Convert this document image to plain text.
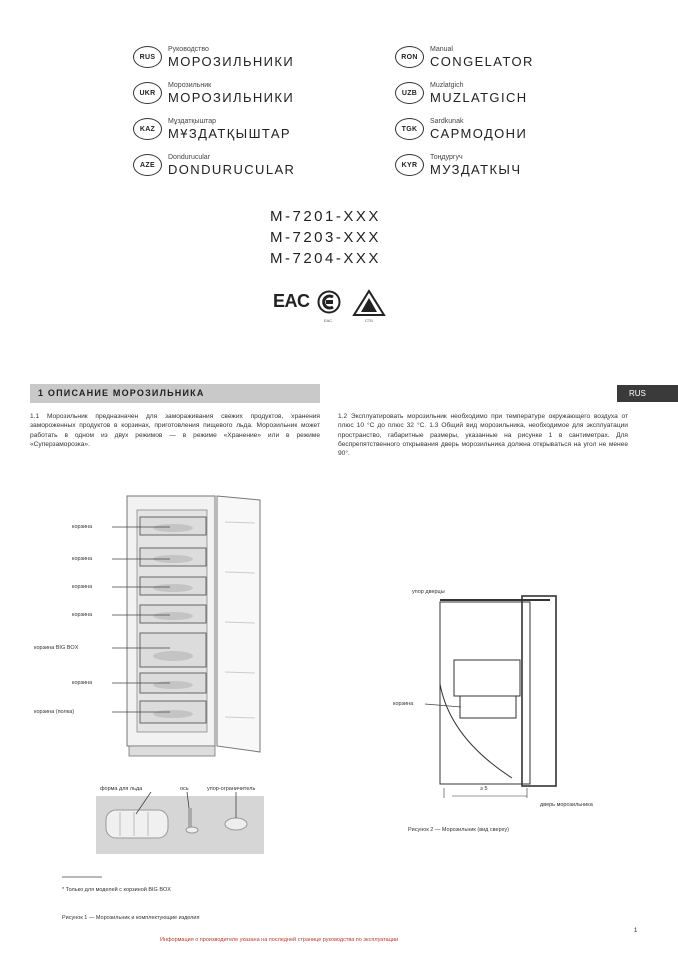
RUS
Руководство
МОРОЗИЛЬНИКИ
UKR
Морозильник
МОРОЗИЛЬНИКИ
KAZ
Мұздатқыштар
МҰЗДАТҚЫШТАР
AZE
Dondurucular
DONDURUCULAR
RON
Manual
CONGELATOR
UZB
Muzlatgich
MUZLATGICH
TGK
Sardkunak
САРМОДОНИ
KYR
Тоңдургуч
МУЗДАТКЫЧ
M-7201-XXX
M-7203-XXX
M-7204-XXX
EAC
ЕАС	СТБ
1 ОПИСАНИЕ МОРОЗИЛЬНИКА	RUS
1.1 Морозильник предназначен для замораживания свежих продуктов, хранения замороженных продуктов в корзинах, приготовления пищевого льда. Морозильник может работать в одном из двух режимов — в режиме «Хранение» или в режиме «Суперзаморозка».
1.2 Эксплуатировать морозильник необходимо при температуре окружающего воздуха от плюс 10 °С до плюс 32 °С. 1.3 Общий вид морозильника, необходимое для эксплуатации пространство, габаритные размеры, указанные на рисунке 1 в сантиметрах. Для беспрепятственного открывания дверь морозильника должна открываться на угол не менее 90°.
корзина
корзина
корзина
корзина
корзина BIG BOX
корзина
корзина (полка)
форма для льда	ось	упор-ограничитель
* Только для моделей с корзиной BIG BOX
Рисунок 1 — Морозильник и комплектующие изделия
упор дверцы
корзина
дверь морозильника
≥ 5
Рисунок 2 — Морозильник (вид сверху)
1
Информация о производителе указана на последней странице руководства по эксплуатации
